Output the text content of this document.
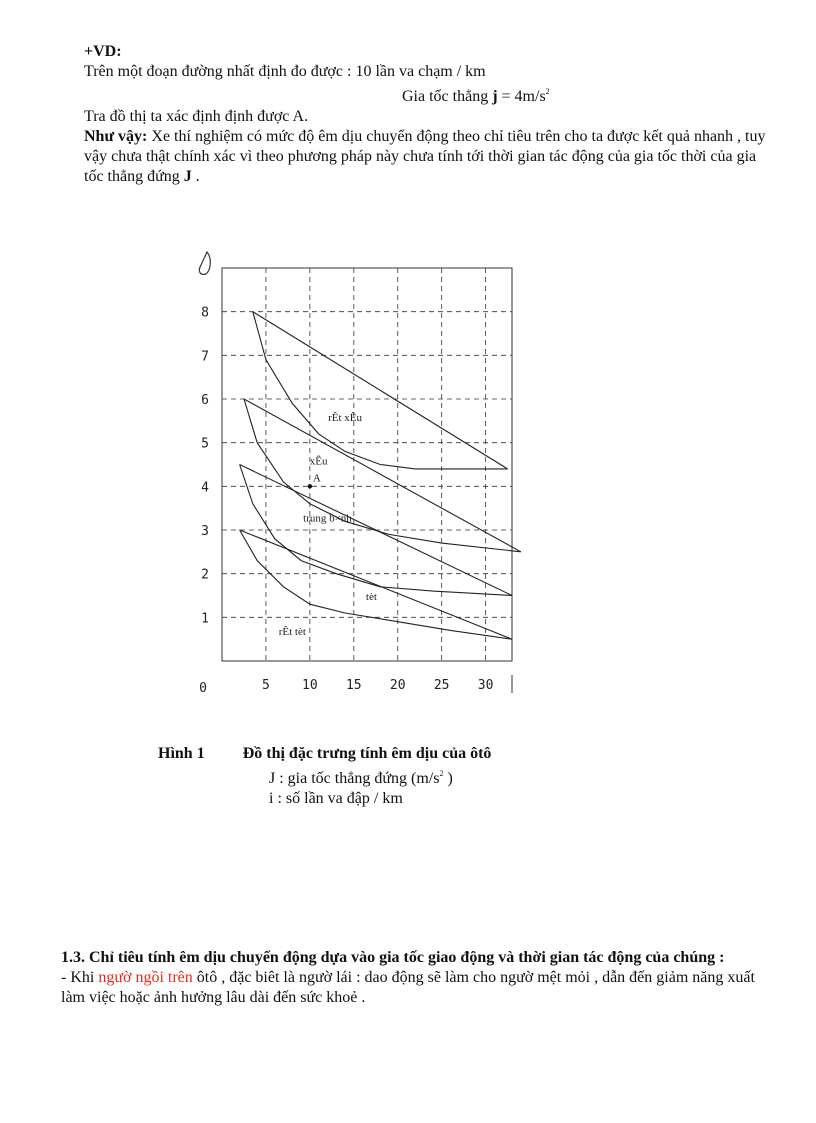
+VD:
Trên một đoạn đường nhất định đo được : 10 lần va chạm / km
Gia tốc thẳng $j = 4m/s^2$
Tra đồ thị ta xác định định được A.
Như vậy: Xe thí nghiệm có mức độ êm dịu chuyển động theo chỉ tiêu trên cho ta được kết quả nhanh , tuy vậy chưa thật chính xác vì theo phương pháp này chưa tính tới thời gian tác động của gia tốc thời của gia tốc thẳng đứng J .
5 10 15 20 25 30
1
2
3
4
5
6
7
8
0
A
rÊt xÊu
xÊu
trung b×nh
tèt
rÊt tèt
Hình 1 Đồ thị đặc trưng tính êm dịu của ôtô
J : gia tốc thẳng đứng ($m/s^2$ )
i : số lần va đập / km
1.3. Chỉ tiêu tính êm dịu chuyển động dựa vào gia tốc giao động và thời gian tác động của chúng :
- Khi ngườ ngồi trên ôtô , đặc biêt là ngườ lái : dao động sẽ làm cho ngườ mệt mỏi , dẫn đến giảm năng xuất làm việc hoặc ảnh hưởng lâu dài đến sức khoẻ .
